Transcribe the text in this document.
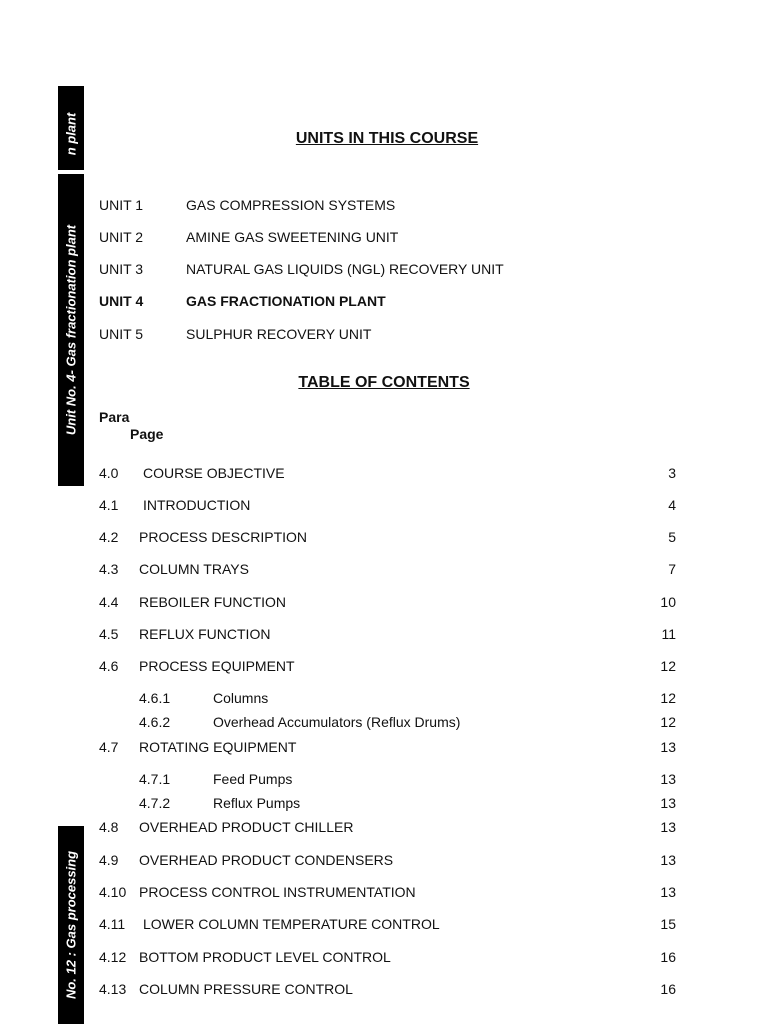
n plant
Unit No. 4- Gas fractionation plant
No. 12 : Gas processing
UNITS IN THIS COURSE
UNIT 1	GAS COMPRESSION SYSTEMS
UNIT 2	AMINE GAS SWEETENING UNIT
UNIT 3	NATURAL GAS LIQUIDS (NGL) RECOVERY UNIT
UNIT 4	GAS FRACTIONATION PLANT
UNIT 5	SULPHUR RECOVERY UNIT
TABLE OF CONTENTS
Para
Page
4.0 COURSE OBJECTIVE	3
4.1 INTRODUCTION	4
4.2 PROCESS DESCRIPTION	5
4.3 COLUMN TRAYS	7
4.4 REBOILER FUNCTION	10
4.5 REFLUX FUNCTION	11
4.6 PROCESS EQUIPMENT	12
4.6.1	Columns	12
4.6.2	Overhead Accumulators (Reflux Drums)	12
4.7 ROTATING EQUIPMENT	13
4.7.1	Feed Pumps	13
4.7.2	Reflux Pumps	13
4.8 OVERHEAD PRODUCT CHILLER	13
4.9 OVERHEAD PRODUCT CONDENSERS	13
4.10 PROCESS CONTROL INSTRUMENTATION	13
4.11 LOWER COLUMN TEMPERATURE CONTROL	15
4.12 BOTTOM PRODUCT LEVEL CONTROL	16
4.13 COLUMN PRESSURE CONTROL	16
